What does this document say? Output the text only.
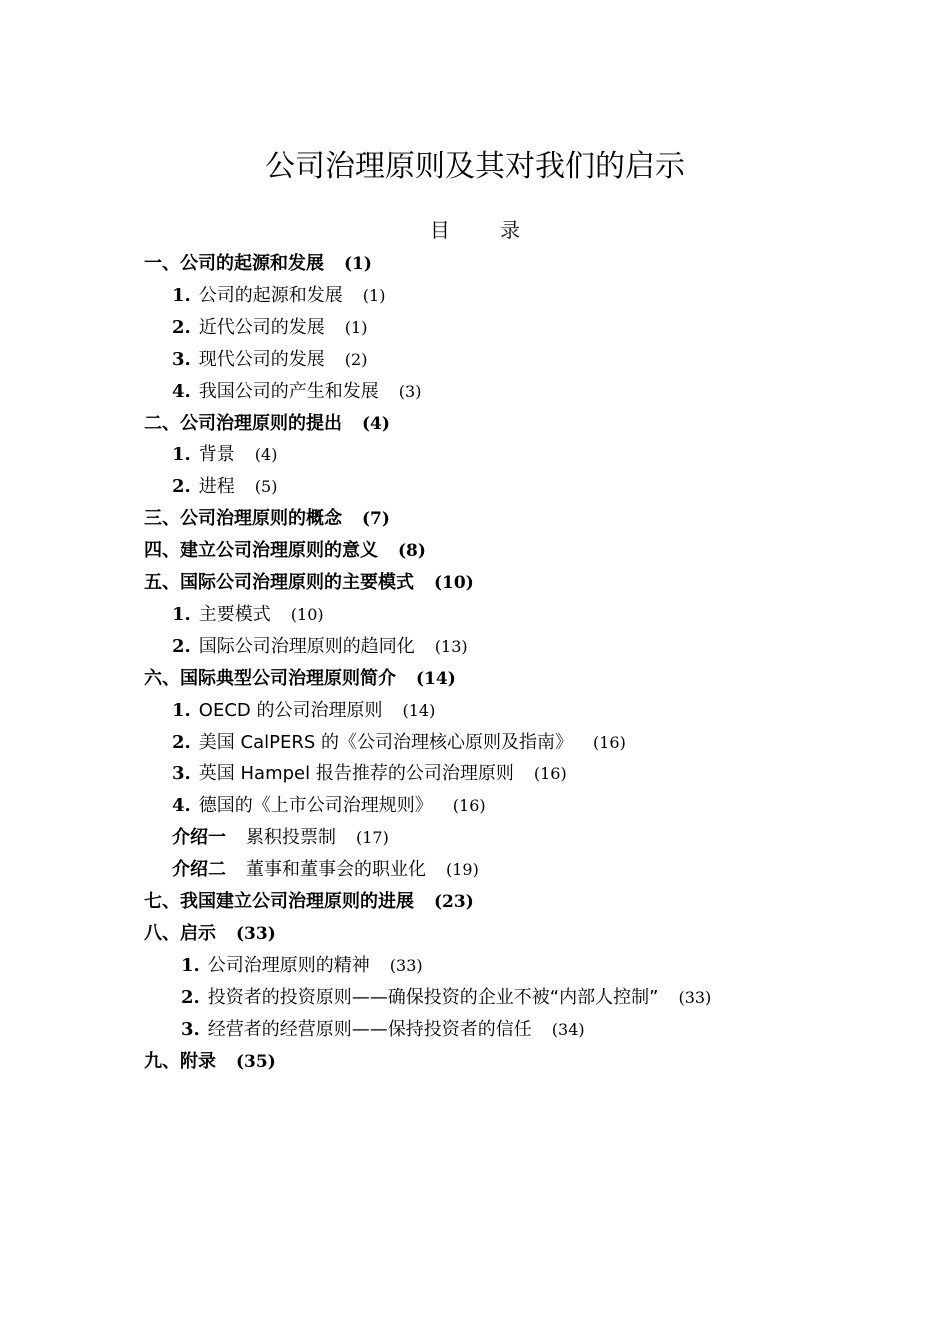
公司治理原则及其对我们的启示
目 录
一、公司的起源和发展 (1)
1. 公司的起源和发展 (1)
2. 近代公司的发展 (1)
3. 现代公司的发展 (2)
4. 我国公司的产生和发展 (3)
二、公司治理原则的提出 (4)
1. 背景 (4)
2. 进程 (5)
三、公司治理原则的概念 (7)
四、建立公司治理原则的意义 (8)
五、国际公司治理原则的主要模式 (10)
1. 主要模式 (10)
2. 国际公司治理原则的趋同化 (13)
六、国际典型公司治理原则简介 (14)
1. OECD 的公司治理原则 (14)
2. 美国 CalPERS 的《公司治理核心原则及指南》 (16)
3. 英国 Hampel 报告推荐的公司治理原则 (16)
4. 德国的《上市公司治理规则》 (16)
介绍一 累积投票制 (17)
介绍二 董事和董事会的职业化 (19)
七、我国建立公司治理原则的进展 (23)
八、启示 (33)
1. 公司治理原则的精神 (33)
2. 投资者的投资原则——确保投资的企业不被“内部人控制” (33)
3. 经营者的经营原则——保持投资者的信任 (34)
九、附录 (35)
